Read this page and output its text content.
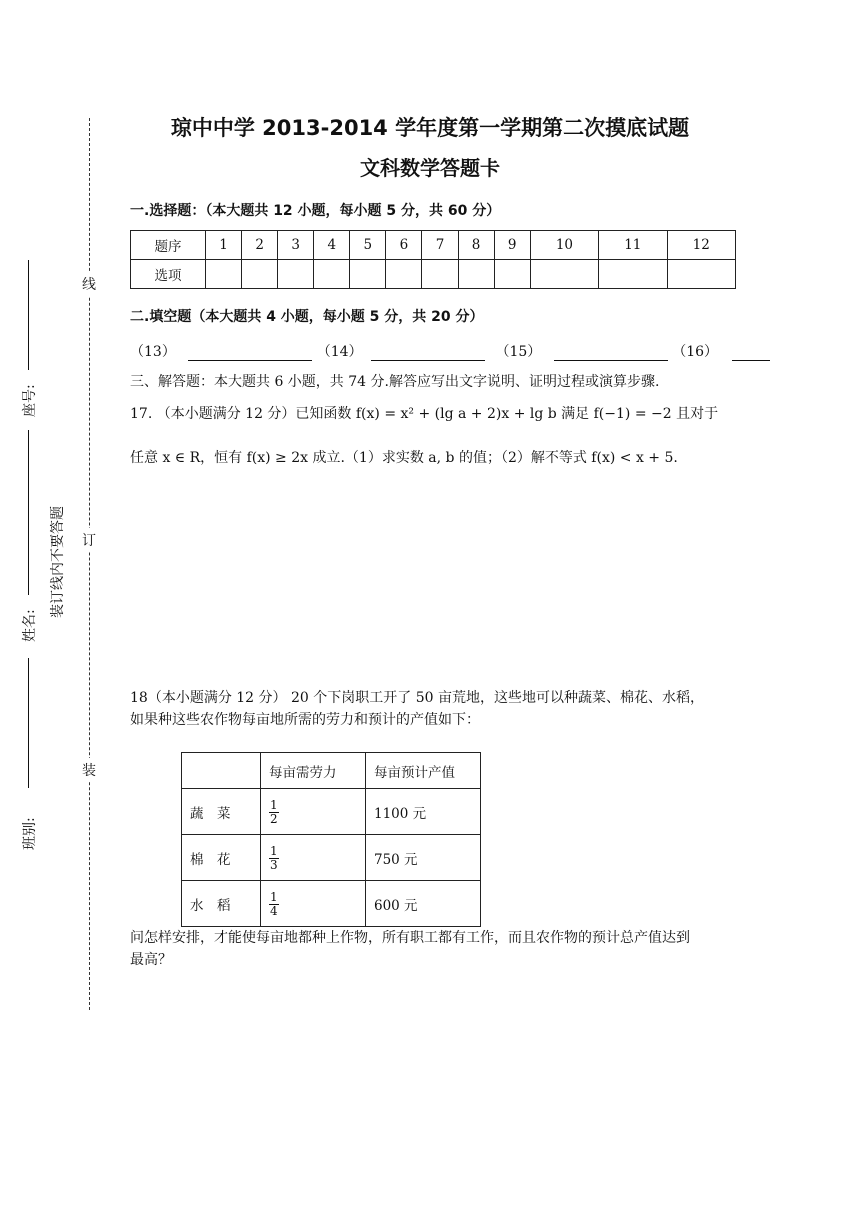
线
订
装
装订线内不要答题
座号:
姓名:
班别:
琼中中学 2013-2014 学年度第一学期第二次摸底试题
文科数学答题卡
一.选择题：（本大题共 12 小题，每小题 5 分，共 60 分）
题序	1	2	3	4	5	6	7	8	9	10	11	12
选项												
二.填空题（本大题共 4 小题，每小题 5 分，共 20 分）
（13）	（14）	（15）	（16）
三、解答题：本大题共 6 小题，共 74 分.解答应写出文字说明、证明过程或演算步骤.
17. （本小题满分 12 分）已知函数 f(x) = x² + (lg a + 2)x + lg b 满足 f(−1) = −2 且对于
任意 x ∈ R，恒有 f(x) ≥ 2x 成立.（1）求实数 a, b 的值；（2）解不等式 f(x) < x + 5.
18（本小题满分 12 分） 20 个下岗职工开了 50 亩荒地，这些地可以种蔬菜、棉花、水稻，
如果种这些农作物每亩地所需的劳力和预计的产值如下：
	每亩需劳力	每亩预计产值
蔬　菜	$\frac{1}{2}$	1100 元
棉　花	$\frac{1}{3}$	750 元
水　稻	$\frac{1}{4}$	600 元
问怎样安排，才能使每亩地都种上作物，所有职工都有工作，而且农作物的预计总产值达到
最高？
